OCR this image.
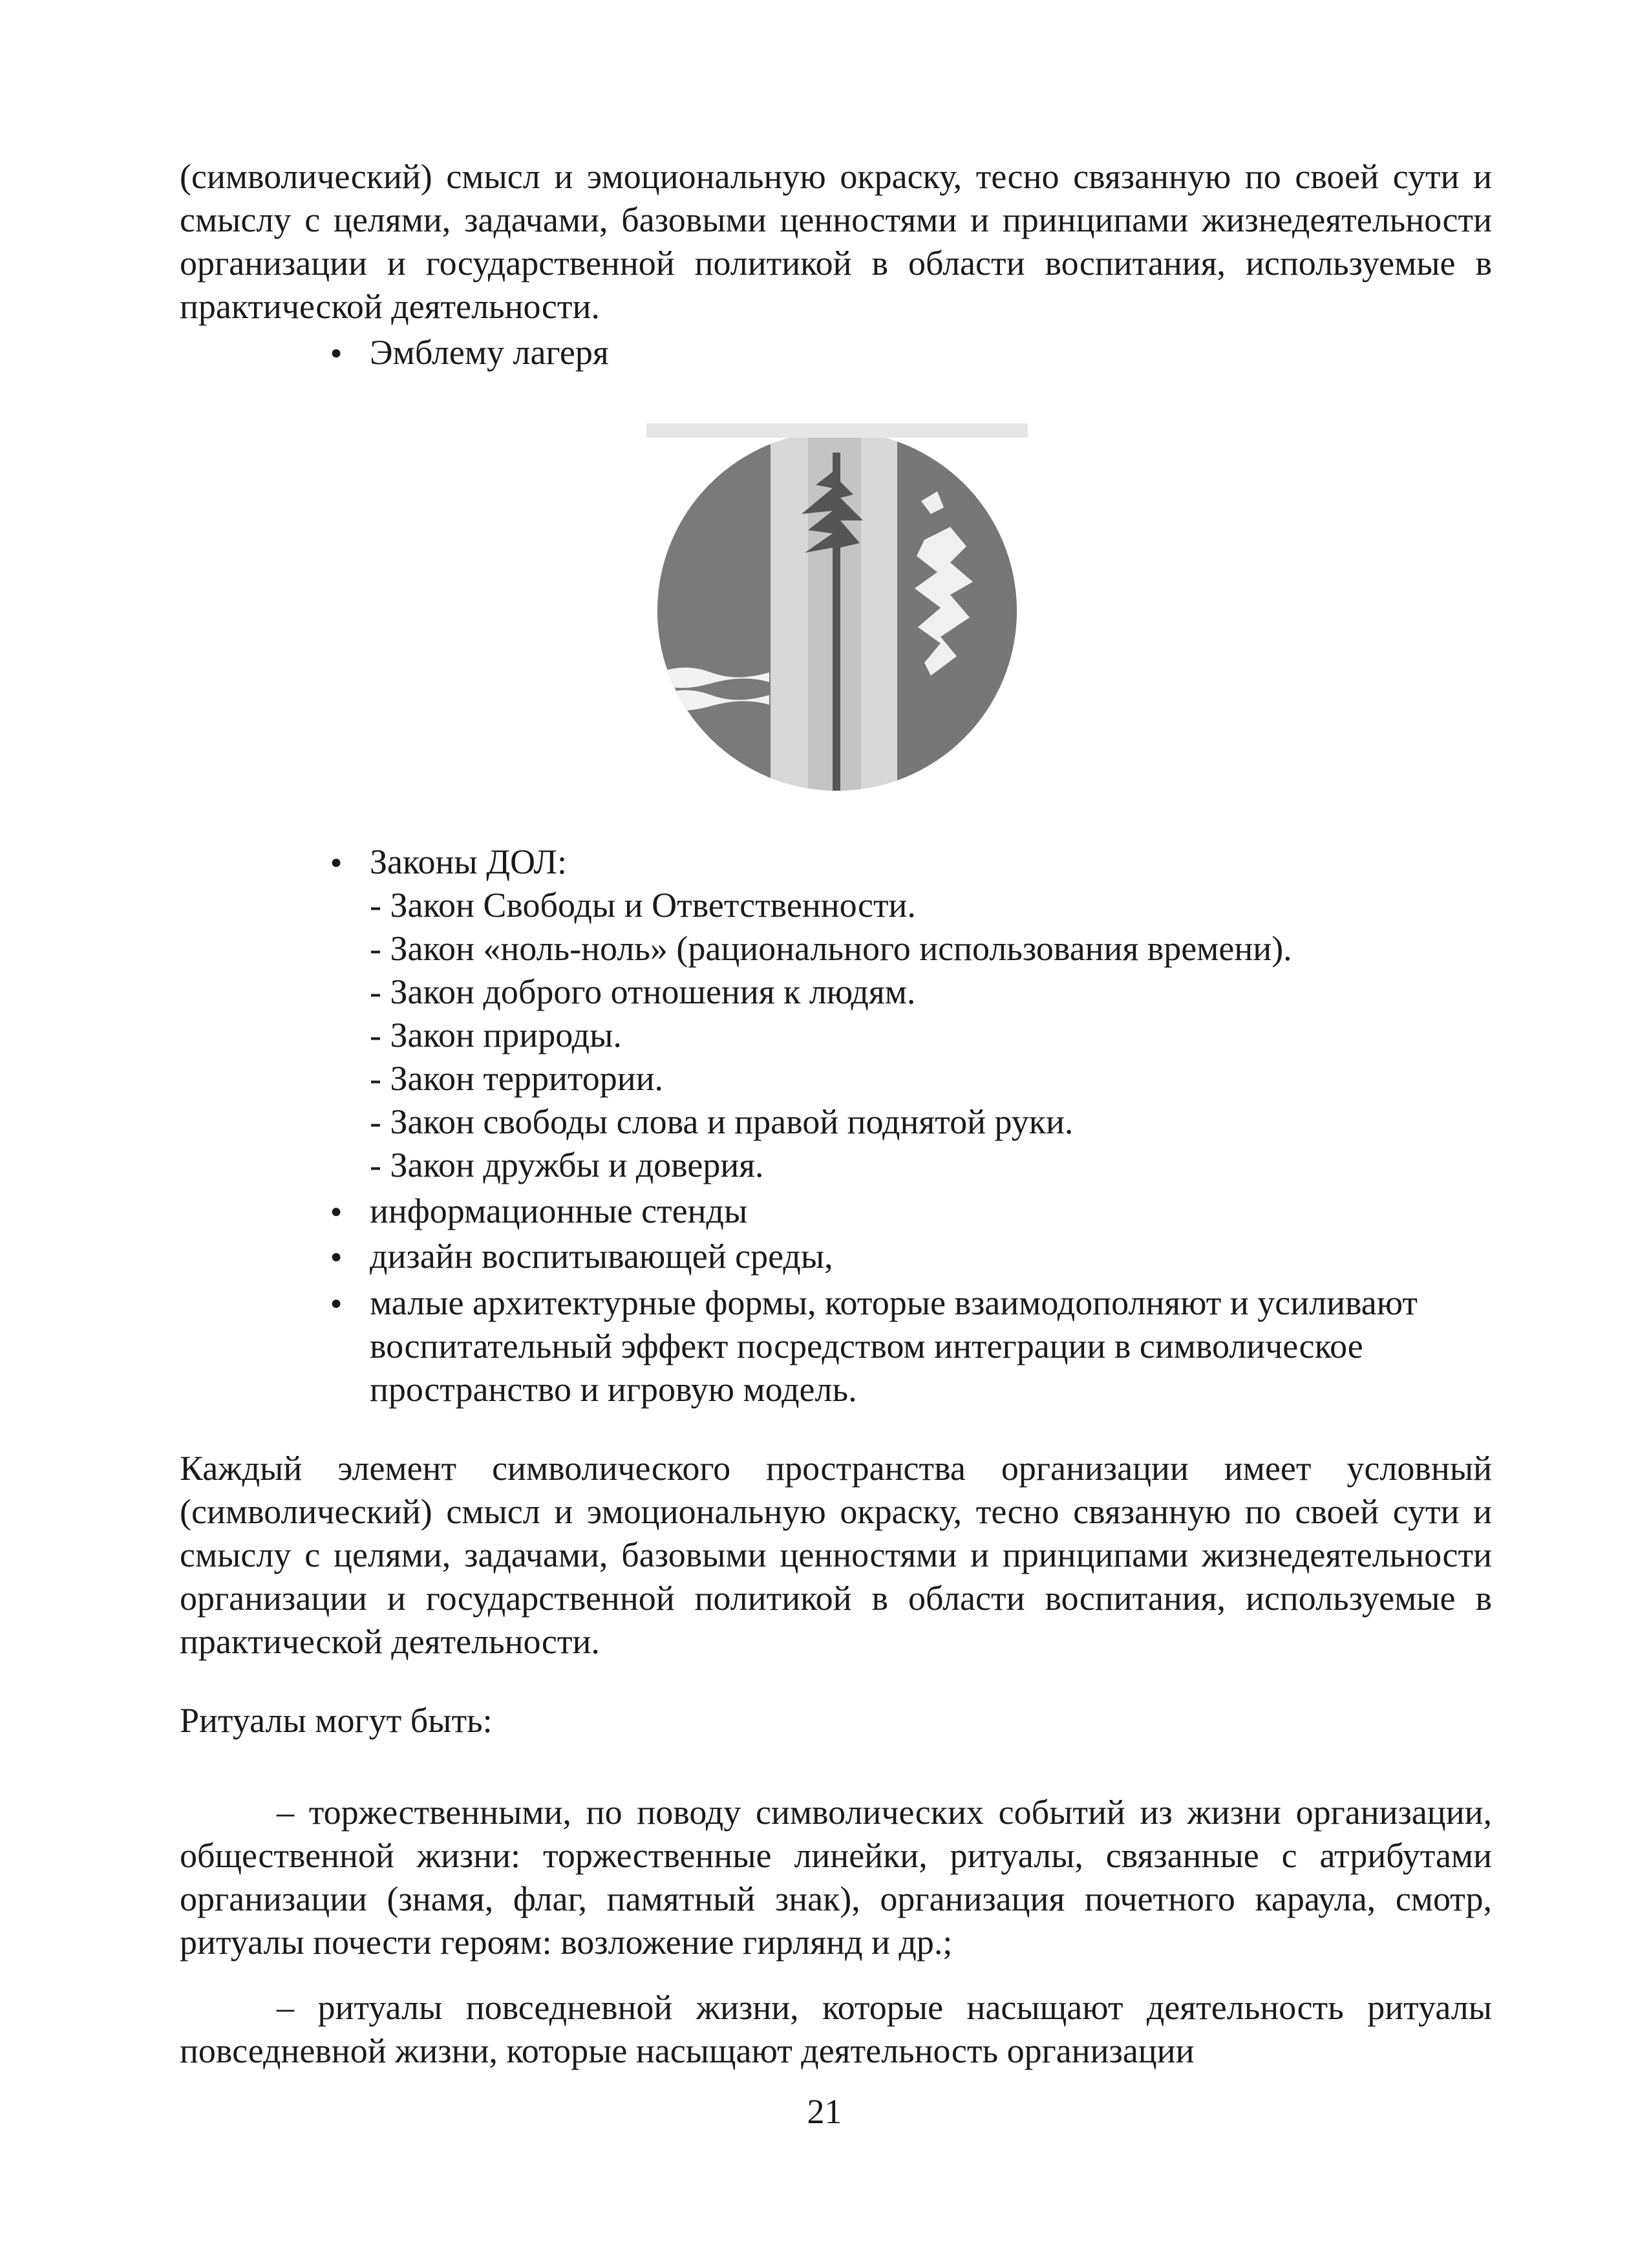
(символический) смысл и эмоциональную окраску, тесно связанную по своей сути и смыслу с целями, задачами, базовыми ценностями и принципами жизнедеятельности организации и государственной политикой в области воспитания, используемые в практической деятельности.

●
Эмблему лагеря
●
Законы ДОЛ:
- Закон Свободы и Ответственности.
- Закон «ноль-ноль» (рационального использования времени).
- Закон доброго отношения к людям.
- Закон природы.
- Закон территории.
- Закон свободы слова и правой поднятой руки.
- Закон дружбы и доверия.
●
информационные стенды
●
дизайн воспитывающей среды,
●
малые архитектурные формы, которые взаимодополняют и усиливают воспитательный эффект посредством интеграции в символическое пространство и игровую модель.

Каждый элемент символического пространства организации имеет условный (символический) смысл и эмоциональную окраску, тесно связанную по своей сути и смыслу с целями, задачами, базовыми ценностями и принципами жизнедеятельности организации и государственной политикой в области воспитания, используемые в практической деятельности.

Ритуалы могут быть:

– торжественными, по поводу символических событий из жизни организации, общественной жизни: торжественные линейки, ритуалы, связанные с атрибутами организации (знамя, флаг, памятный знак), организация почетного караула, смотр, ритуалы почести героям: возложение гирлянд и др.;

– ритуалы повседневной жизни, которые насыщают деятельность ритуалы повседневной жизни, которые насыщают деятельность организации

21
